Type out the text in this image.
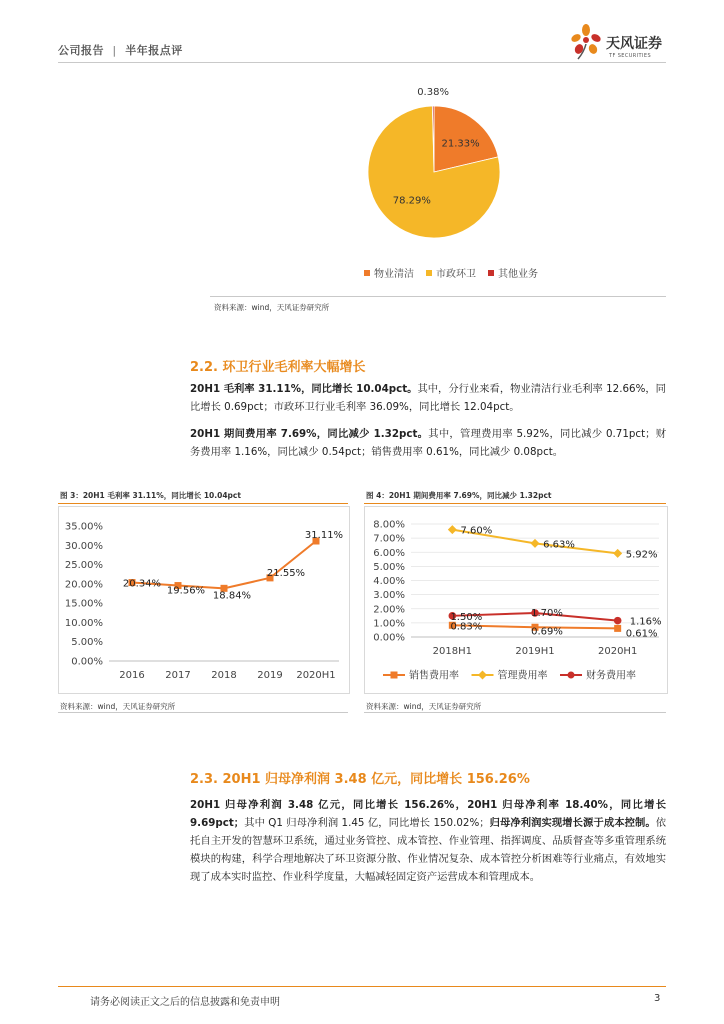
公司报告 | 半年报点评	天风证券
TF SECURITIES
21.33%
78.29%
0.38%
物业清洁 市政环卫 其他业务
资料来源：wind，天风证券研究所
2.2. 环卫行业毛利率大幅增长
20H1 毛利率 31.11%，同比增长 10.04pct。其中，分行业来看，物业清洁行业毛利率 12.66%，同比增长 0.69pct；市政环卫行业毛利率 36.09%，同比增长 12.04pct。
20H1 期间费用率 7.69%，同比减少 1.32pct。其中，管理费用率 5.92%，同比减少 0.71pct；财务费用率 1.16%，同比减少 0.54pct；销售费用率 0.61%，同比减少 0.08pct。
图 3：20H1 毛利率 31.11%，同比增长 10.04pct
0.00%
5.00%
10.00%
15.00%
20.00%
25.00%
30.00%
35.00%
2016 2017 2018 2019 2020H1
20.34%
19.56% 18.84%
21.55%
31.11%
资料来源：wind，天风证券研究所
图 4：20H1 期间费用率 7.69%，同比减少 1.32pct
0.00%
1.00%
2.00%
3.00%
4.00%
5.00%
6.00%
7.00%
8.00%
2018H1	2019H1	2020H1
0.83%	0.69%	0.61%
7.60%
6.63%
5.92%
1.50%	1.70%
1.16%
销售费用率	管理费用率	财务费用率
资料来源：wind，天风证券研究所
2.3. 20H1 归母净利润 3.48 亿元，同比增长 156.26%
20H1 归母净利润 3.48 亿元，同比增长 156.26%，20H1 归母净利率 18.40%，同比增长 9.69pct；其中 Q1 归母净利润 1.45 亿，同比增长 150.02%；归母净利润实现增长源于成本控制。依托自主开发的智慧环卫系统，通过业务管控、成本管控、作业管理、指挥调度、品质督查等多重管理系统模块的构建，科学合理地解决了环卫资源分散、作业情况复杂、成本管控分析困难等行业痛点，有效地实现了成本实时监控、作业科学度量，大幅减轻固定资产运营成本和管理成本。
请务必阅读正文之后的信息披露和免责申明	3
